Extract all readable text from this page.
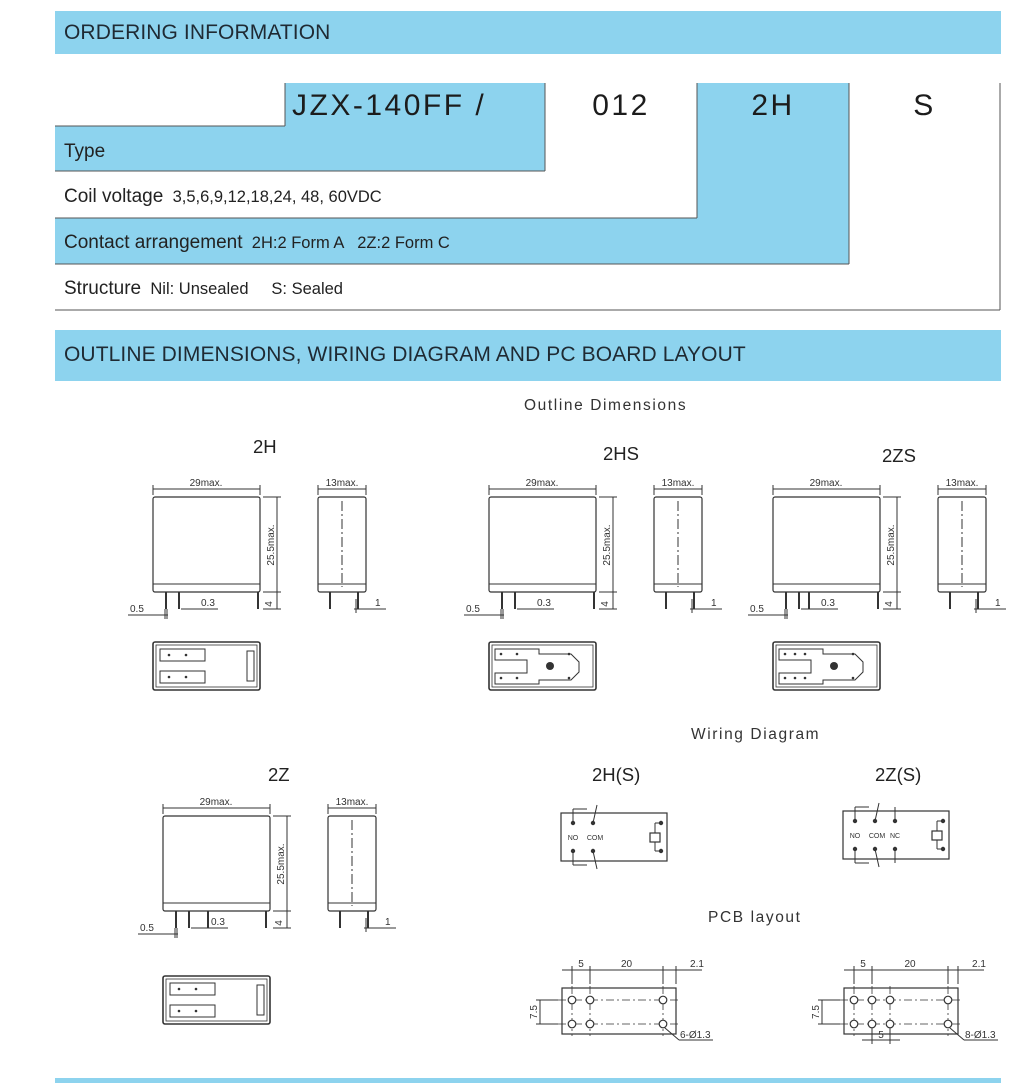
ORDERING INFORMATION
JZX-140FF /	012	2H	S
Type
Coil voltage 3,5,6,9,12,18,24, 48, 60VDC
Contact arrangement 2H:2 Form A   2Z:2 Form C
Structure Nil: Unsealed     S: Sealed
OUTLINE DIMENSIONS, WIRING DIAGRAM AND PC BOARD LAYOUT
Outline Dimensions
Wiring Diagram
PCB layout
2H	2HS	2ZS
2Z	2H(S)	2Z(S)
29max.
25.5max.
4
0.5
0.3
13max.
1
29max.
25.5max.
4
0.5
0.3
13max.
1
29max.
25.5max.
4
0.5
0.3
13max.
1
29max.
25.5max.
4
0.5
0.3
13max.
1
NO COM	NO COM NC
5	20	2.1
7.5
6-Ø1.3
5	20	2.1
7.5
8-Ø1.3
5
